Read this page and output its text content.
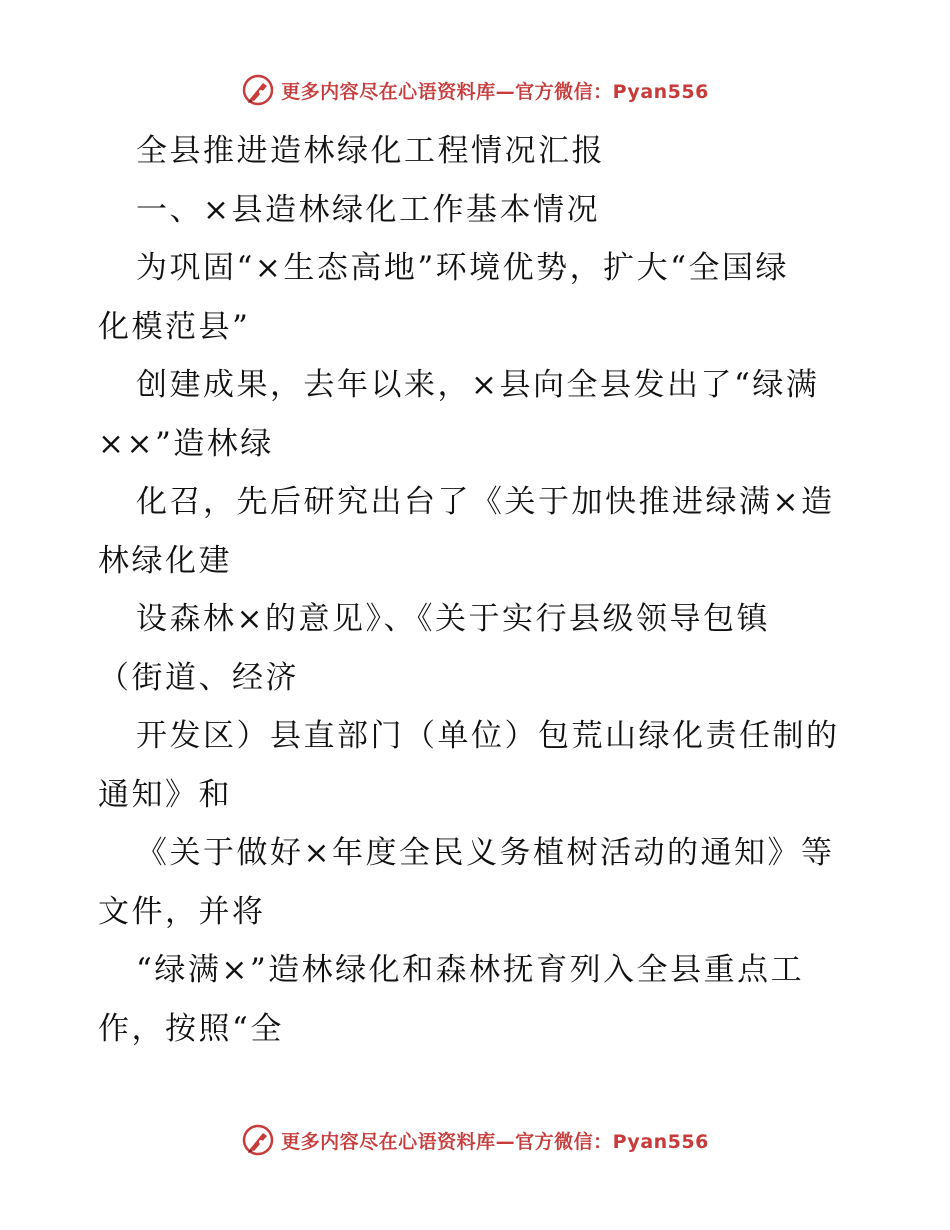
更多内容尽在心语资料库—官方微信：Pyan556
全县推进造林绿化工程情况汇报
一、×县造林绿化工作基本情况
为巩固“×生态高地”环境优势，扩大“全国绿
化模范县”
创建成果，去年以来，×县向全县发出了“绿满
××”造林绿
化召，先后研究出台了《关于加快推进绿满×造
林绿化建
设森林×的意见》、《关于实行县级领导包镇
（街道、经济
开发区）县直部门（单位）包荒山绿化责任制的
通知》和
《关于做好×年度全民义务植树活动的通知》等
文件，并将
“绿满×”造林绿化和森林抚育列入全县重点工
作，按照“全
更多内容尽在心语资料库—官方微信：Pyan556
